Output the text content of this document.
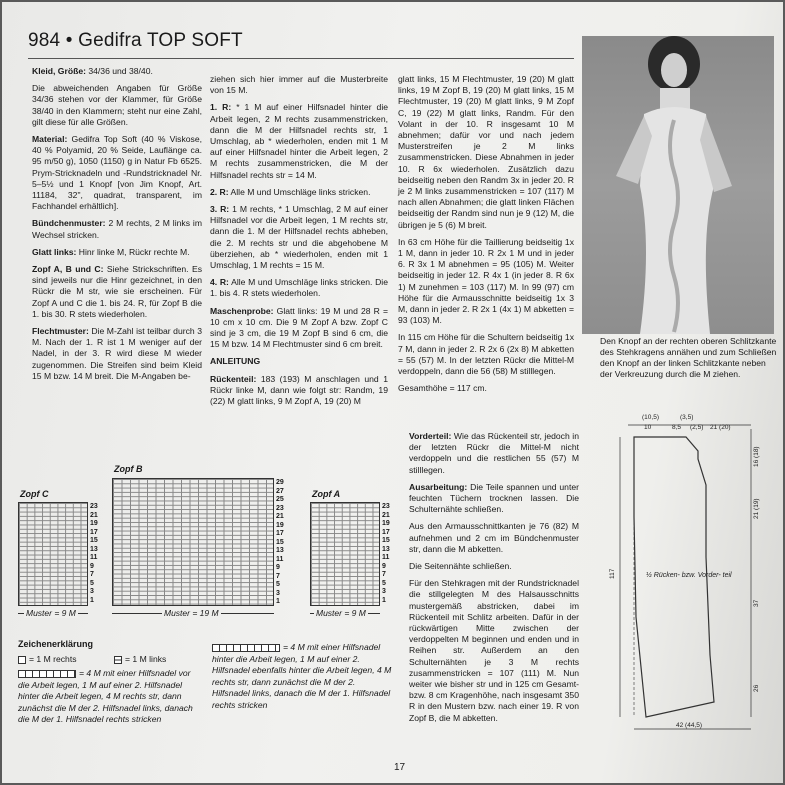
984 • Gedifra TOP SOFT

Kleid, Größe: 34/36 und 38/40.

Die abweichenden Angaben für Größe 34/36 stehen vor der Klammer, für Größe 38/40 in den Klammern; steht nur eine Zahl, gilt diese für alle Größen.

Material: Gedifra Top Soft (40 % Viskose, 40 % Polyamid, 20 % Seide, Lauflänge ca. 95 m/50 g), 1050 (1150) g in Natur Fb 6525. Prym-Stricknadeln und -Rundstricknadel Nr. 5–5½ und 1 Knopf [von Jim Knopf, Art. 11184, 32", quadrat, transparent, im Fachhandel erhältlich].

Bündchenmuster: 2 M rechts, 2 M links im Wechsel stricken.

Glatt links: Hinr linke M, Rückr rechte M.

Zopf A, B und C: Siehe Strickschriften. Es sind jeweils nur die Hinr gezeichnet, in den Rückr die M str, wie sie erscheinen. Für Zopf A und C die 1. bis 24. R, für Zopf B die 1. bis 30. R stets wiederholen.

Flechtmuster: Die M-Zahl ist teilbar durch 3 M. Nach der 1. R ist 1 M weniger auf der Nadel, in der 3. R wird diese M wieder zugenommen. Die Streifen sind beim Kleid 15 M bzw. 14 M breit. Die M-Angaben be-

ziehen sich hier immer auf die Musterbreite von 15 M.

1. R: * 1 M auf einer Hilfsnadel hinter die Arbeit legen, 2 M rechts zusammenstricken, dann die M der Hilfsnadel rechts str, 1 Umschlag, ab * wiederholen, enden mit 1 M auf einer Hilfsnadel hinter die Arbeit legen, 2 M rechts zusammenstricken, die M der Hilfsnadel rechts str = 14 M.

2. R: Alle M und Umschläge links stricken.

3. R: 1 M rechts, * 1 Umschlag, 2 M auf einer Hilfsnadel vor die Arbeit legen, 1 M rechts str, dann die 1. M der Hilfsnadel rechts abheben, die 2. M rechts str und die abgehobene M überziehen, ab * wiederholen, enden mit 1 Umschlag, 1 M rechts = 15 M.

4. R: Alle M und Umschläge links stricken. Die 1. bis 4. R stets wiederholen.

Maschenprobe: Glatt links: 19 M und 28 R = 10 cm x 10 cm. Die 9 M Zopf A bzw. Zopf C sind je 3 cm, die 19 M Zopf B sind 6 cm, die 15 M bzw. 14 M Flechtmuster sind 6 cm breit.

ANLEITUNG

Rückenteil: 183 (193) M anschlagen und 1 Rückr linke M, dann wie folgt str: Randm, 19 (22) M glatt links, 9 M Zopf A, 19 (20) M

glatt links, 15 M Flechtmuster, 19 (20) M glatt links, 19 M Zopf B, 19 (20) M glatt links, 15 M Flechtmuster, 19 (20) M glatt links, 9 M Zopf C, 19 (22) M glatt links, Randm. Für den Volant in der 10. R insgesamt 10 M abnehmen; dafür vor und nach jedem Musterstreifen je 2 M links zusammenstricken. Diese Abnahmen in jeder 10. R 6x wiederholen. Zusätzlich dazu beidseitig neben den Randm 3x in jeder 20. R je 2 M links zusammenstricken = 107 (117) M nach allen Abnahmen; die glatt linken Flächen beidseitig der Randm sind nun je 9 (12) M, die übrigen je 5 (6) M breit.

In 63 cm Höhe für die Taillierung beidseitig 1x 1 M, dann in jeder 10. R 2x 1 M und in jeder 6. R 3x 1 M abnehmen = 95 (105) M. Weiter beidseitig in jeder 12. R 4x 1 (in jeder 8. R 6x 1) M zunehmen = 103 (117) M. In 99 (97) cm Höhe für die Armausschnitte beidseitig 1x 3 M, dann in jeder 2. R 2x 1 (4x 1) M abketten = 93 (103) M.

In 115 cm Höhe für die Schultern beidseitig 1x 7 M, dann in jeder 2. R 2x 6 (2x 8) M abketten = 55 (57) M. In der letzten Rückr die Mittel-M verdoppeln, dann die 56 (58) M stilllegen.

Gesamthöhe = 117 cm.

Vorderteil: Wie das Rückenteil str, jedoch in der letzten Rückr die Mittel-M nicht verdoppeln und die restlichen 55 (57) M stilllegen.

Ausarbeitung: Die Teile spannen und unter feuchten Tüchern trocknen lassen. Die Schulternähte schließen.

Aus den Armausschnittkanten je 76 (82) M aufnehmen und 2 cm im Bündchenmuster str, dann die M abketten.

Die Seitennähte schließen.

Für den Stehkragen mit der Rundstricknadel die stillgelegten M des Halsausschnitts mustergemäß abstricken, dabei im Rückenteil mit Schlitz arbeiten. Dafür in der rückwärtigen Mitte zwischen der verdoppelten M beginnen und enden und in Reihen str. Außerdem an den Schulternähten je 3 M rechts zusammenstricken = 107 (111) M. Nun weiter wie bisher str und in 125 cm Gesamt- bzw. 8 cm Kragenhöhe, nach insgesamt 350 R in den Mustern bzw. nach einer 19. R von Zopf B, die M abketten.

Den Knopf an der rechten oberen Schlitzkante des Stehkragens annähen und zum Schließen den Knopf an der linken Schlitzkante neben der Verkreuzung durch die M ziehen.
Zopf C
23
21
19
17
15
13
11
9
7
5
3
1
Muster = 9 M
Zopf B
29
27
25
23
21
19
17
15
13
11
9
7
5
3
1
Muster = 19 M
Zopf A
23
21
19
17
15
13
11
9
7
5
3
1
Muster = 9 M
Zeichenerklärung
= 1 M rechts	= 1 M links
= 4 M mit einer Hilfsnadel vor die Arbeit legen, 1 M auf einer 2. Hilfsnadel hinter die Arbeit legen, 4 M rechts str, dann zunächst die M der 2. Hilfsnadel links, danach die M der 1. Hilfsnadel rechts stricken
= 4 M mit einer Hilfsnadel hinter die Arbeit legen, 1 M auf einer 2. Hilfsnadel ebenfalls hinter die Arbeit legen, 4 M rechts str, dann zunächst die M der 2. Hilfsnadel links, danach die M der 1. Hilfsnadel rechts stricken
(10,5)
10
(3,5)
8,5 (2,5) 21 (20)
117
16 (18)
21 (19)
37
26
½ Rücken- bzw. Vorder- teil
42 (44,5)
17
